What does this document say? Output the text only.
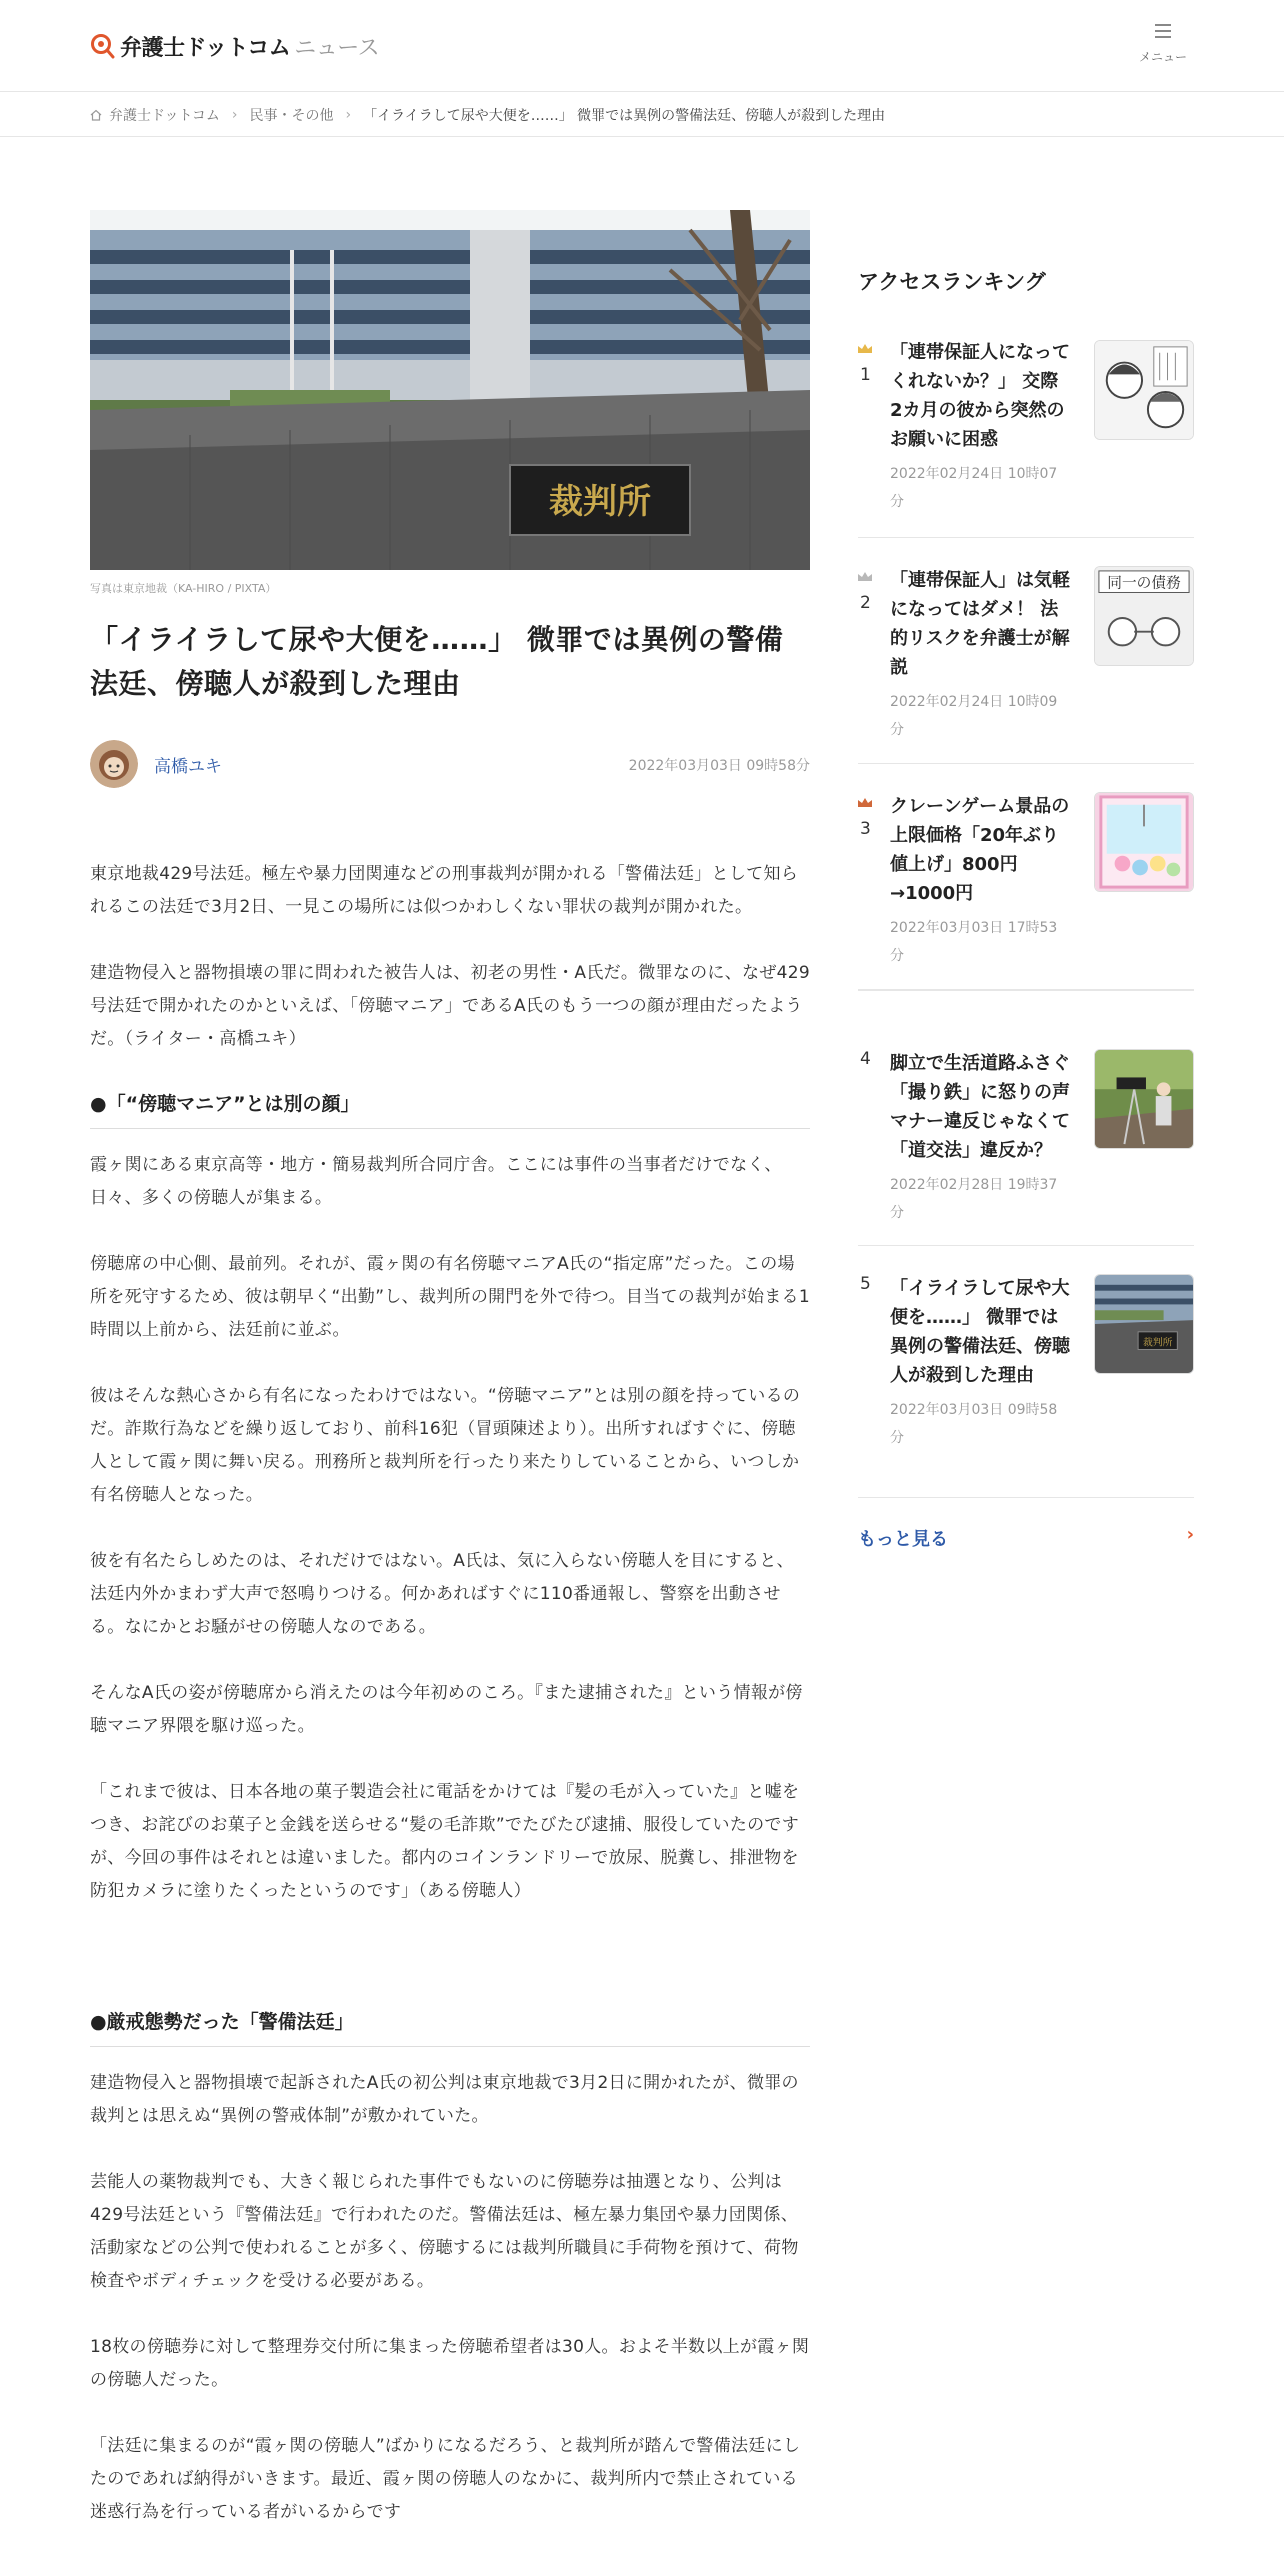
弁護士ドットコム ニュース	メニュー
弁護士ドットコム › 民事・その他 › 「イライラして尿や大便を……」 微罪では異例の警備法廷、傍聴人が殺到した理由
裁判所
写真は東京地裁（KA-HIRO / PIXTA）
「イライラして尿や大便を……」 微罪では異例の警備法廷、傍聴人が殺到した理由
高橋ユキ	2022年03月03日 09時58分

東京地裁429号法廷。極左や暴力団関連などの刑事裁判が開かれる「警備法廷」として知られるこの法廷で3月2日、一見この場所には似つかわしくない罪状の裁判が開かれた。

建造物侵入と器物損壊の罪に問われた被告人は、初老の男性・A氏だ。微罪なのに、なぜ429号法廷で開かれたのかといえば、「傍聴マニア」であるA氏のもう一つの顔が理由だったようだ。（ライター・高橋ユキ）

●「“傍聴マニア”とは別の顔」

霞ヶ関にある東京高等・地方・簡易裁判所合同庁舎。ここには事件の当事者だけでなく、日々、多くの傍聴人が集まる。

傍聴席の中心側、最前列。それが、霞ヶ関の有名傍聴マニアA氏の“指定席”だった。この場所を死守するため、彼は朝早く“出勤”し、裁判所の開門を外で待つ。目当ての裁判が始まる1時間以上前から、法廷前に並ぶ。

彼はそんな熱心さから有名になったわけではない。“傍聴マニア”とは別の顔を持っているのだ。詐欺行為などを繰り返しており、前科16犯（冒頭陳述より）。出所すればすぐに、傍聴人として霞ヶ関に舞い戻る。刑務所と裁判所を行ったり来たりしていることから、いつしか有名傍聴人となった。

彼を有名たらしめたのは、それだけではない。A氏は、気に入らない傍聴人を目にすると、法廷内外かまわず大声で怒鳴りつける。何かあればすぐに110番通報し、警察を出動させる。なにかとお騒がせの傍聴人なのである。

そんなA氏の姿が傍聴席から消えたのは今年初めのころ。『また逮捕された』という情報が傍聴マニア界隈を駆け巡った。

「これまで彼は、日本各地の菓子製造会社に電話をかけては『髪の毛が入っていた』と嘘をつき、お詫びのお菓子と金銭を送らせる“髪の毛詐欺”でたびたび逮捕、服役していたのですが、今回の事件はそれとは違いました。都内のコインランドリーで放尿、脱糞し、排泄物を防犯カメラに塗りたくったというのです」（ある傍聴人）

●厳戒態勢だった「警備法廷」

建造物侵入と器物損壊で起訴されたA氏の初公判は東京地裁で3月2日に開かれたが、微罪の裁判とは思えぬ“異例の警戒体制”が敷かれていた。

芸能人の薬物裁判でも、大きく報じられた事件でもないのに傍聴券は抽選となり、公判は429号法廷という『警備法廷』で行われたのだ。警備法廷は、極左暴力集団や暴力団関係、活動家などの公判で使われることが多く、傍聴するには裁判所職員に手荷物を預けて、荷物検査やボディチェックを受ける必要がある。

18枚の傍聴券に対して整理券交付所に集まった傍聴希望者は30人。およそ半数以上が霞ヶ関の傍聴人だった。

「法廷に集まるのが“霞ヶ関の傍聴人”ばかりになるだろう、と裁判所が踏んで警備法廷にしたのであれば納得がいきます。最近、霞ヶ関の傍聴人のなかに、裁判所内で禁止されている迷惑行為を行っている者がいるからです

アクセスランキング
1
「連帯保証人になってくれないか？」 交際2カ月の彼から突然のお願いに困惑
2022年02月24日 10時07分
2
「連帯保証人」は気軽になってはダメ！ 法的リスクを弁護士が解説
2022年02月24日 10時09分
同一の債務
3
クレーンゲーム景品の上限価格「20年ぶり値上げ」800円→1000円
2022年03月03日 17時53分
4 脚立で生活道路ふさぐ「撮り鉄」に怒りの声　マナー違反じゃなくて「道交法」違反か？
2022年02月28日 19時37分
5 「イライラして尿や大便を……」 微罪では異例の警備法廷、傍聴人が殺到した理由
2022年03月03日 09時58分
裁判所
もっと見る	›
